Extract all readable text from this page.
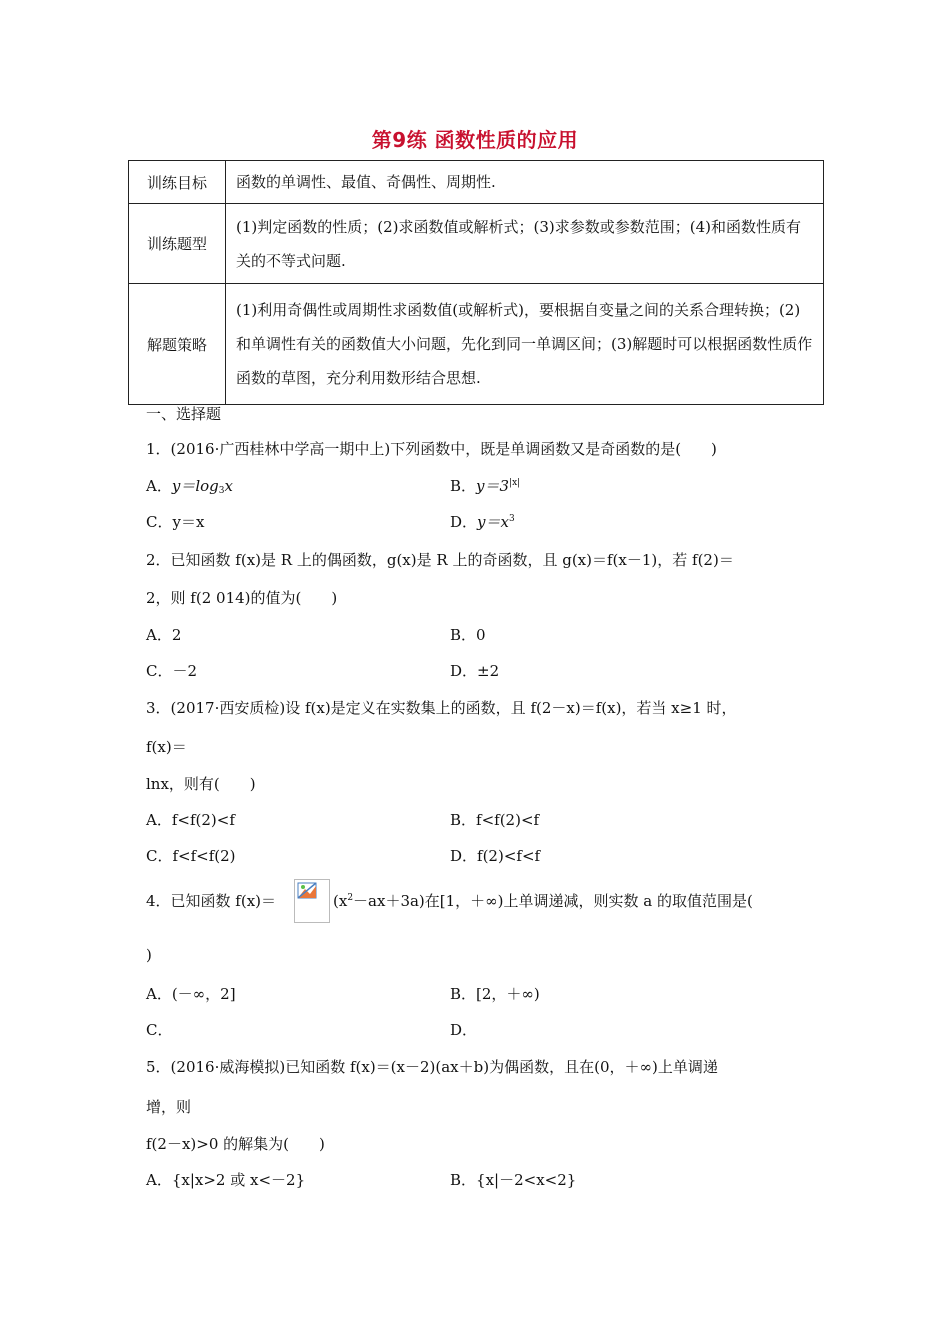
第9练 函数性质的应用
训练目标	函数的单调性、最值、奇偶性、周期性.
训练题型	(1)判定函数的性质；(2)求函数值或解析式；(3)求参数或参数范围；(4)和函数性质有关的不等式问题.
解题策略	(1)利用奇偶性或周期性求函数值(或解析式)，要根据自变量之间的关系合理转换；(2)和单调性有关的函数值大小问题，先化到同一单调区间；(3)解题时可以根据函数性质作函数的草图，充分利用数形结合思想.
一、选择题
1．(2016·广西桂林中学高一期中上)下列函数中，既是单调函数又是奇函数的是(　　)
A．$y=\log_3x$	B．$y=3^{|x|}$
C．y＝x	D．$y=x^3$
2．已知函数 f(x)是 R 上的偶函数，g(x)是 R 上的奇函数，且 g(x)＝f(x－1)，若 f(2)＝
2，则 f(2 014)的值为(　　)
A．2	B．0
C．－2	D．±2
3．(2017·西安质检)设 f(x)是定义在实数集上的函数，且 f(2－x)＝f(x)，若当 x≥1 时，
f(x)＝
lnx，则有(　　)
A．f<f(2)<f	B．f<f(2)<f
C．f<f<f(2)	D．f(2)<f<f
4．已知函数 f(x)＝	$(x^2-ax+3a)$在[1，＋∞)上单调递减，则实数 a 的取值范围是(
)
A．(－∞，2]	B．[2，＋∞)
C．	D．
5．(2016·威海模拟)已知函数 f(x)＝(x－2)(ax＋b)为偶函数，且在(0，＋∞)上单调递
增，则
f(2－x)>0 的解集为(　　)
A．{x|x>2 或 x<－2}	B．{x|－2<x<2}
